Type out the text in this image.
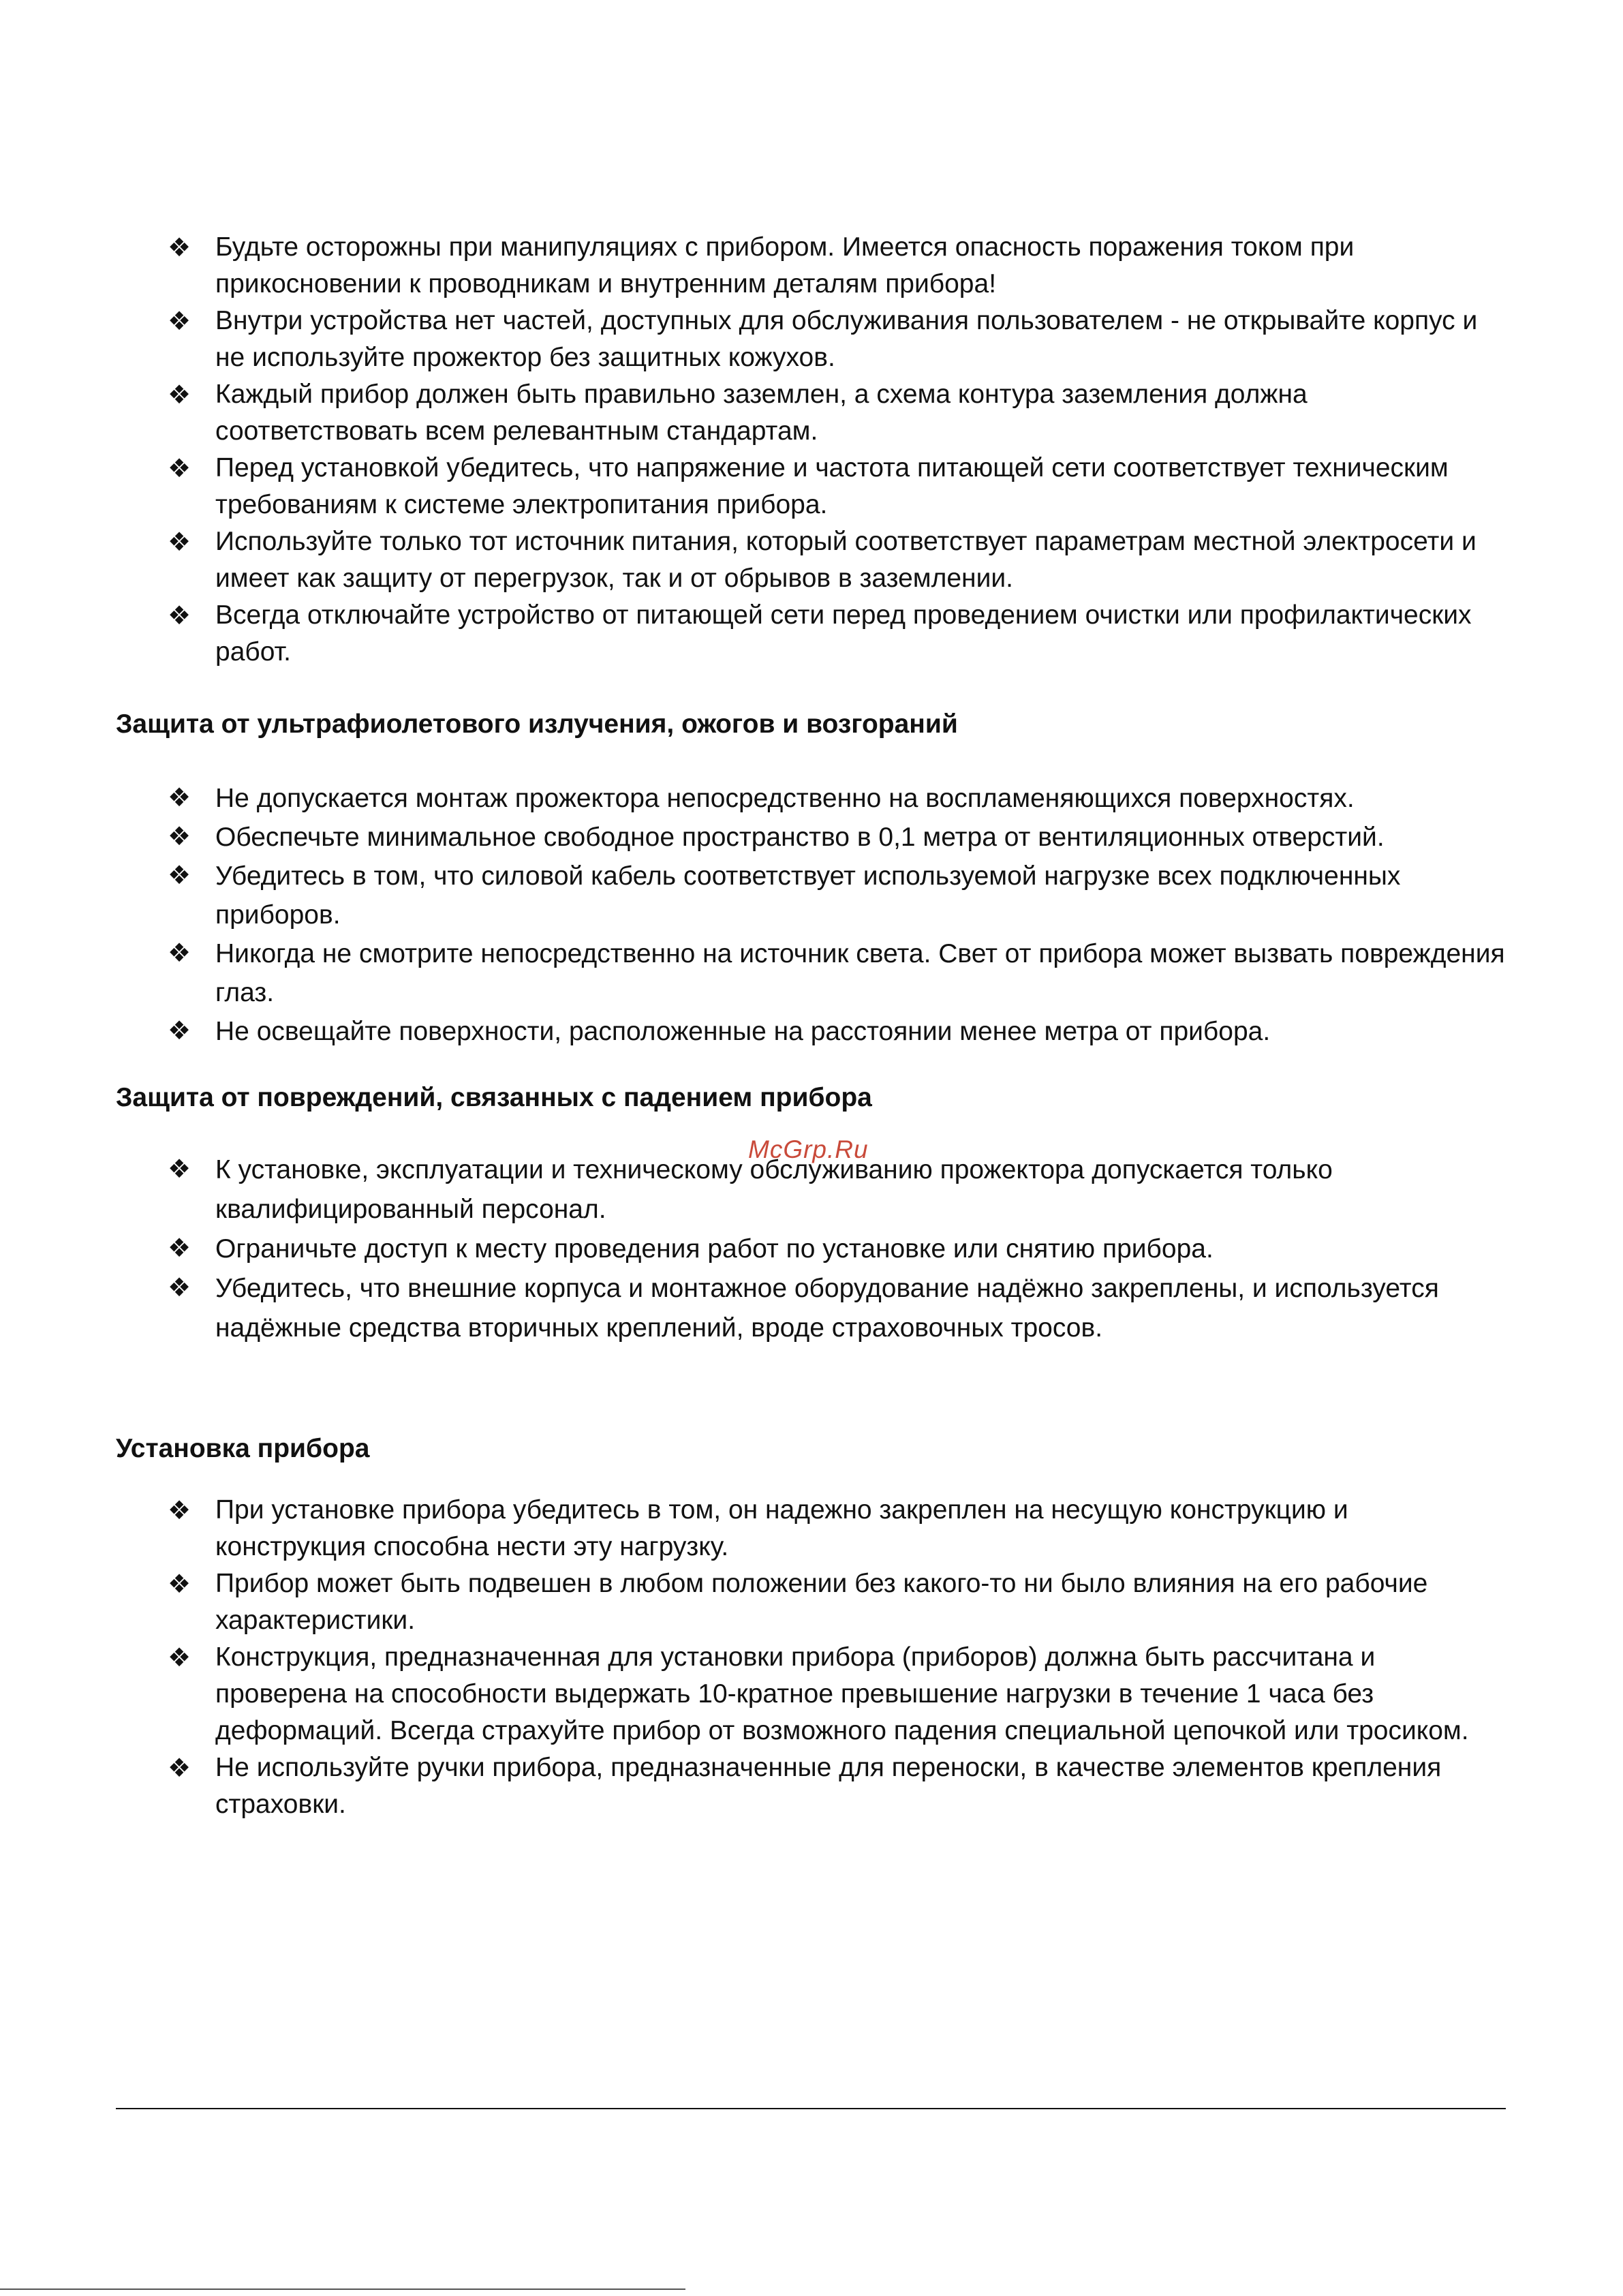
❖ Будьте осторожны при манипуляциях с прибором. Имеется опасность поражения током при прикосновении к проводникам и внутренним деталям прибора!
❖ Внутри устройства нет частей, доступных для обслуживания пользователем - не открывайте корпус и не используйте прожектор без защитных кожухов.
❖ Каждый прибор должен быть правильно заземлен, а схема контура заземления должна соответствовать всем релевантным стандартам.
❖ Перед установкой убедитесь, что напряжение и частота питающей сети соответствует техническим требованиям к системе электропитания прибора.
❖ Используйте только тот источник питания, который соответствует параметрам местной электросети и имеет как защиту от перегрузок, так и от обрывов в заземлении.
❖ Всегда отключайте устройство от питающей сети перед проведением очистки или профилактических работ.
Защита от ультрафиолетового излучения, ожогов и возгораний
❖ Не допускается монтаж прожектора непосредственно на воспламеняющихся поверхностях.
❖ Обеспечьте минимальное свободное пространство в 0,1 метра от вентиляционных отверстий.
❖ Убедитесь в том, что силовой кабель соответствует используемой нагрузке всех подключенных приборов.
❖ Никогда не смотрите непосредственно на источник света. Свет от прибора может вызвать повреждения глаз.
❖ Не освещайте поверхности, расположенные на расстоянии менее метра от прибора.
Защита от повреждений, связанных с падением прибора
McGrp.Ru
❖ К установке, эксплуатации и техническому обслуживанию прожектора допускается только квалифицированный персонал.
❖ Ограничьте доступ к месту проведения работ по установке или снятию прибора.
❖ Убедитесь, что внешние корпуса и монтажное оборудование надёжно закреплены, и используется надёжные средства вторичных креплений, вроде страховочных тросов.
Установка прибора
❖ При установке прибора убедитесь в том, он надежно закреплен на несущую конструкцию и конструкция способна нести эту нагрузку.
❖ Прибор может быть подвешен в любом положении без какого-то ни было влияния на его рабочие характеристики.
❖ Конструкция, предназначенная для установки прибора (приборов) должна быть рассчитана и проверена на способности выдержать 10-кратное превышение нагрузки в течение 1 часа без деформаций. Всегда страхуйте прибор от возможного падения специальной цепочкой или тросиком.
❖ Не используйте ручки прибора, предназначенные для переноски, в качестве элементов крепления страховки.
